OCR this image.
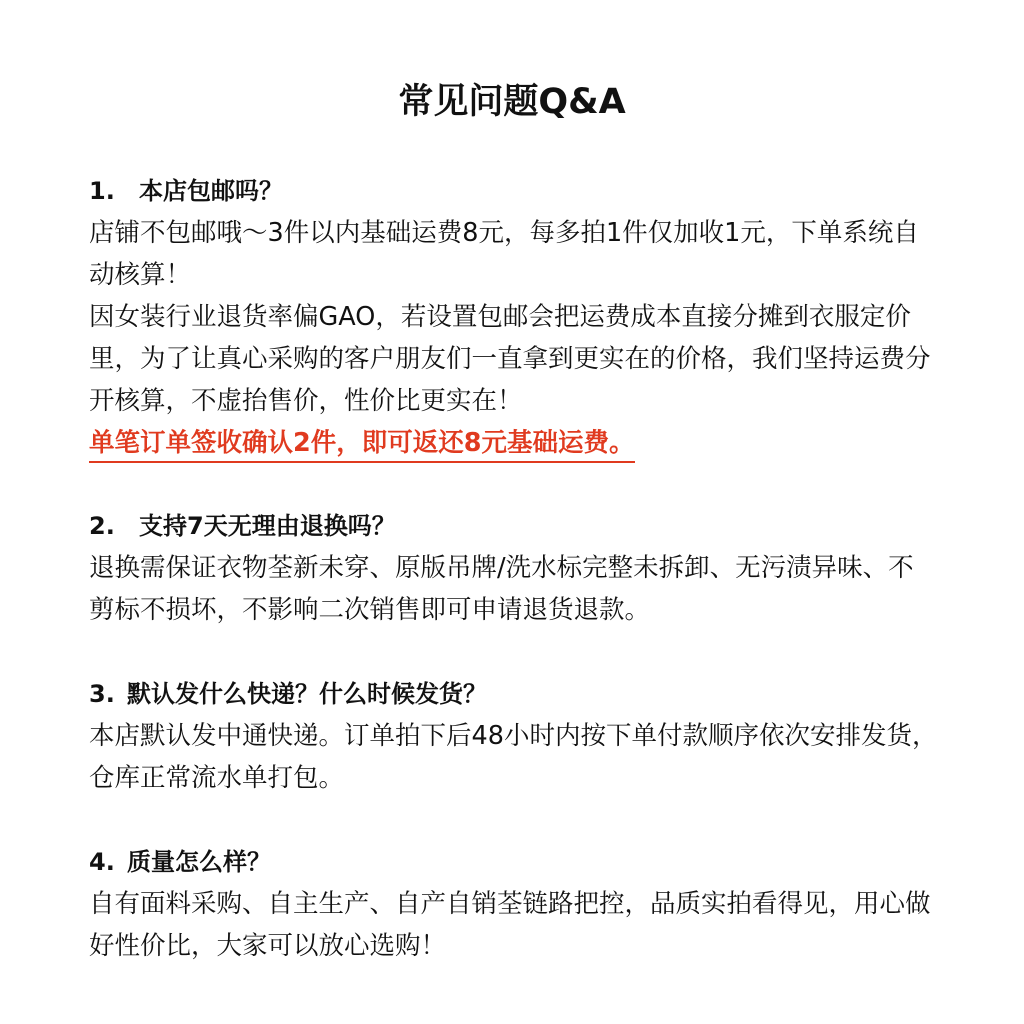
常见问题Q&A
1. 本店包邮吗？

店铺不包邮哦～3件以内基础运费8元，每多拍1件仅加收1元，下单系统自动核算！

因女装行业退货率偏GAO，若设置包邮会把运费成本直接分摊到衣服定价里，为了让真心采购的客户朋友们一直拿到更实在的价格，我们坚持运费分开核算，不虚抬售价，性价比更实在！

单笔订单签收确认2件，即可返还8元基础运费。
2. 支持7天无理由退换吗？

退换需保证衣物荃新未穿、原版吊牌/洗水标完整未拆卸、无污渍异味、不剪标不损坏，不影响二次销售即可申请退货退款。

3. 默认发什么快递？什么时候发货？

本店默认发中通快递。订单拍下后48小时内按下单付款顺序依次安排发货，仓库正常流水单打包。

4. 质量怎么样？

自有面料采购、自主生产、自产自销荃链路把控，品质实拍看得见，用心做好性价比，大家可以放心选购！
